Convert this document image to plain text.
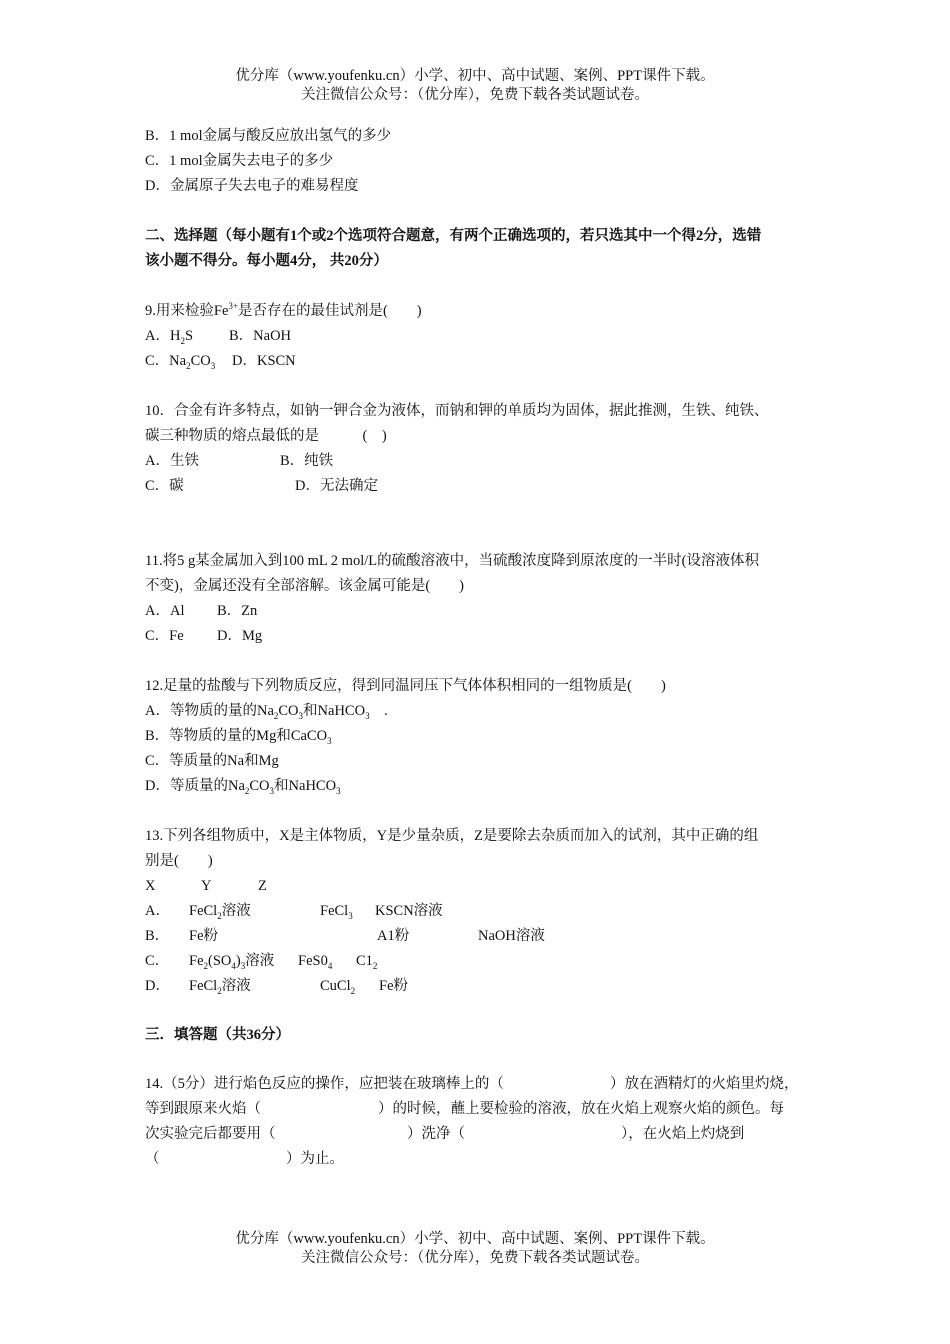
优分库（www.youfenku.cn）小学、初中、高中试题、案例、PPT课件下载。
关注微信公众号：（优分库），免费下载各类试题试卷。
B．1 mol金属与酸反应放出氢气的多少
C．1 mol金属失去电子的多少
D．金属原子失去电子的难易程度
二、选择题（每小题有1个或2个选项符合题意，有两个正确选项的，若只选其中一个得2分，选错
该小题不得分。每小题4分， 共20分）
9.用来检验$Fe^{3+}$是否存在的最佳试剂是(　　)
A．$H_2S$ B．NaOH
C．$Na_2CO_3$ D．KSCN
10．合金有许多特点，如钠一钾合金为液体，而钠和钾的单质均为固体，据此推测，生铁、纯铁、
碳三种物质的熔点最低的是　　　(　)
A．生铁	B．纯铁
C．碳	D．无法确定
11.将5 g某金属加入到100 mL 2 mol/L的硫酸溶液中，当硫酸浓度降到原浓度的一半时(设溶液体积
不变)，金属还没有全部溶解。该金属可能是(　　)
A．Al B．Zn
C．Fe D．Mg
12.足量的盐酸与下列物质反应，得到同温同压下气体体积相同的一组物质是(　　)
A．等物质的量的$Na_2CO_3$和NaHCO$_3$　.
B．等物质的量的Mg和CaCO$_3$
C．等质量的Na和Mg
D．等质量的$Na_2CO_3$和NaHCO$_3$
13.下列各组物质中，X是主体物质，Y是少量杂质，Z是要除去杂质而加入的试剂，其中正确的组
别是(　　)
X	Y	Z
A． FeCl$_2$溶液	FeCl$_3$ KSCN溶液
B． Fe粉	A1粉	NaOH溶液
C． $Fe_2(SO_4)_3$溶液 $FeS0_4$ $C1_2$
D． FeCl$_2$溶液	CuCl$_2$ Fe粉
三．填答题（共36分）
14.（5分）进行焰色反应的操作，应把装在玻璃棒上的（	）放在酒精灯的火焰里灼烧，
等到跟原来火焰（	）的时候，蘸上要检验的溶液，放在火焰上观察火焰的颜色。每
次实验完后都要用（	）洗净（	），在火焰上灼烧到
（	）为止。
优分库（www.youfenku.cn）小学、初中、高中试题、案例、PPT课件下载。
关注微信公众号：（优分库），免费下载各类试题试卷。
